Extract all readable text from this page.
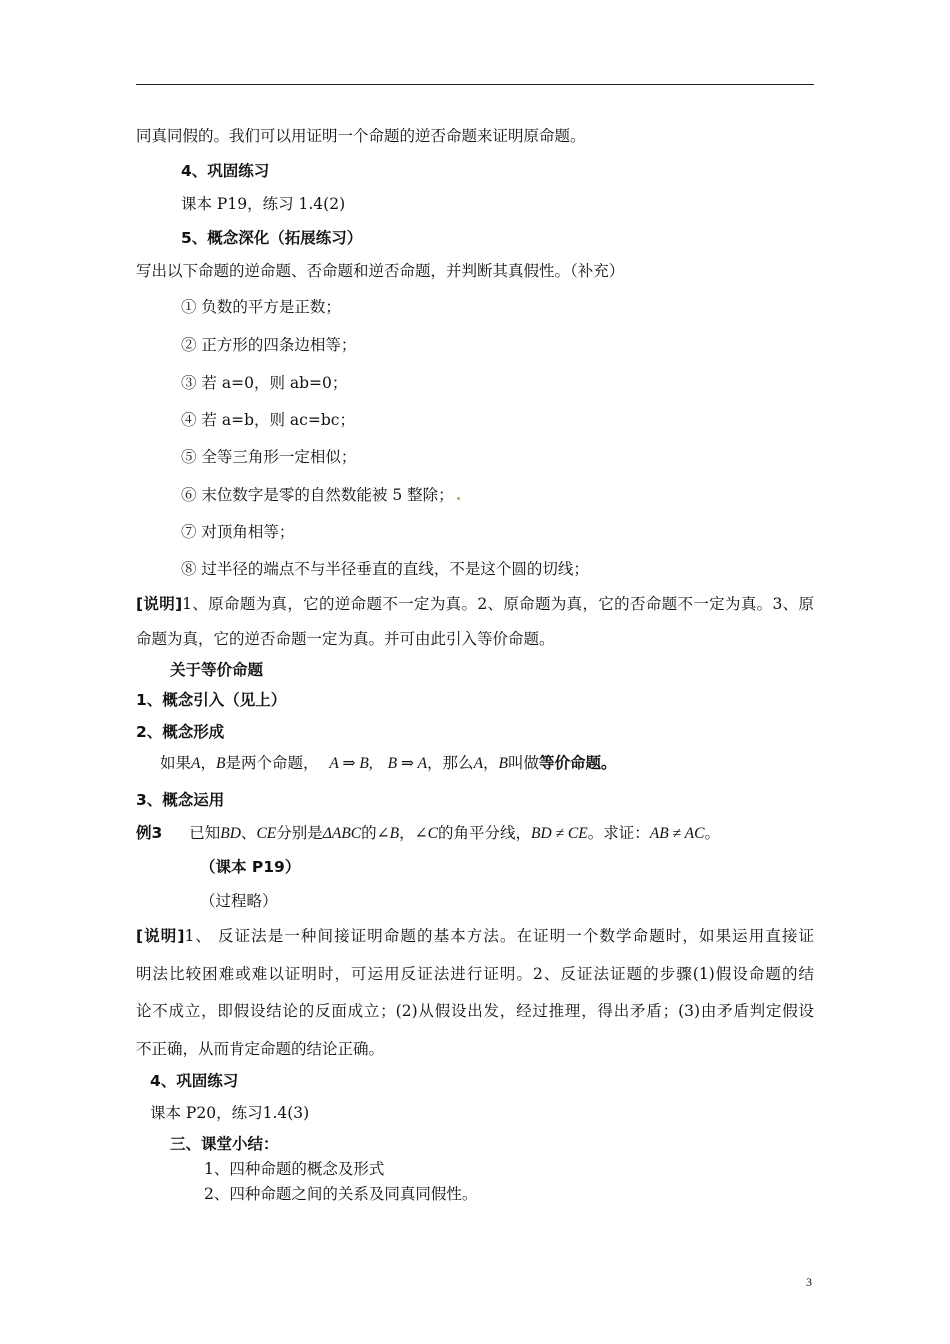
同真同假的。我们可以用证明一个命题的逆否命题来证明原命题。
4、巩固练习
课本 P19，练习 1.4(2)
5、概念深化（拓展练习）
写出以下命题的逆命题、否命题和逆否命题，并判断其真假性。（补充）
① 负数的平方是正数；
② 正方形的四条边相等；
③ 若 a=0，则 ab=0；
④ 若 a=b，则 ac=bc；
⑤ 全等三角形一定相似；
⑥ 末位数字是零的自然数能被 5 整除；
⑦ 对顶角相等；
⑧ 过半径的端点不与半径垂直的直线，不是这个圆的切线；
[说明]1、原命题为真，它的逆命题不一定为真。2、原命题为真，它的否命题不一定为真。3、原
命题为真，它的逆否命题一定为真。并可由此引入等价命题。
关于等价命题
1、概念引入（见上）
2、概念形成
如果A，B是两个命题， A ⇒ B, B ⇒ A，那么A，B叫做等价命题。
3、概念运用
例3 已知BD、CE分别是ΔABC的∠B，∠C的角平分线，BD ≠ CE。求证：AB ≠ AC。
（课本 P19）
（过程略）
[说明]1、 反证法是一种间接证明命题的基本方法。在证明一个数学命题时，如果运用直接证
明法比较困难或难以证明时，可运用反证法进行证明。2、反证法证题的步骤(1)假设命题的结
论不成立，即假设结论的反面成立；(2)从假设出发，经过推理，得出矛盾；(3)由矛盾判定假设
不正确，从而肯定命题的结论正确。
4、巩固练习
课本 P20，练习1.4(3)
三、课堂小结：
1、四种命题的概念及形式
2、四种命题之间的关系及同真同假性。
3
